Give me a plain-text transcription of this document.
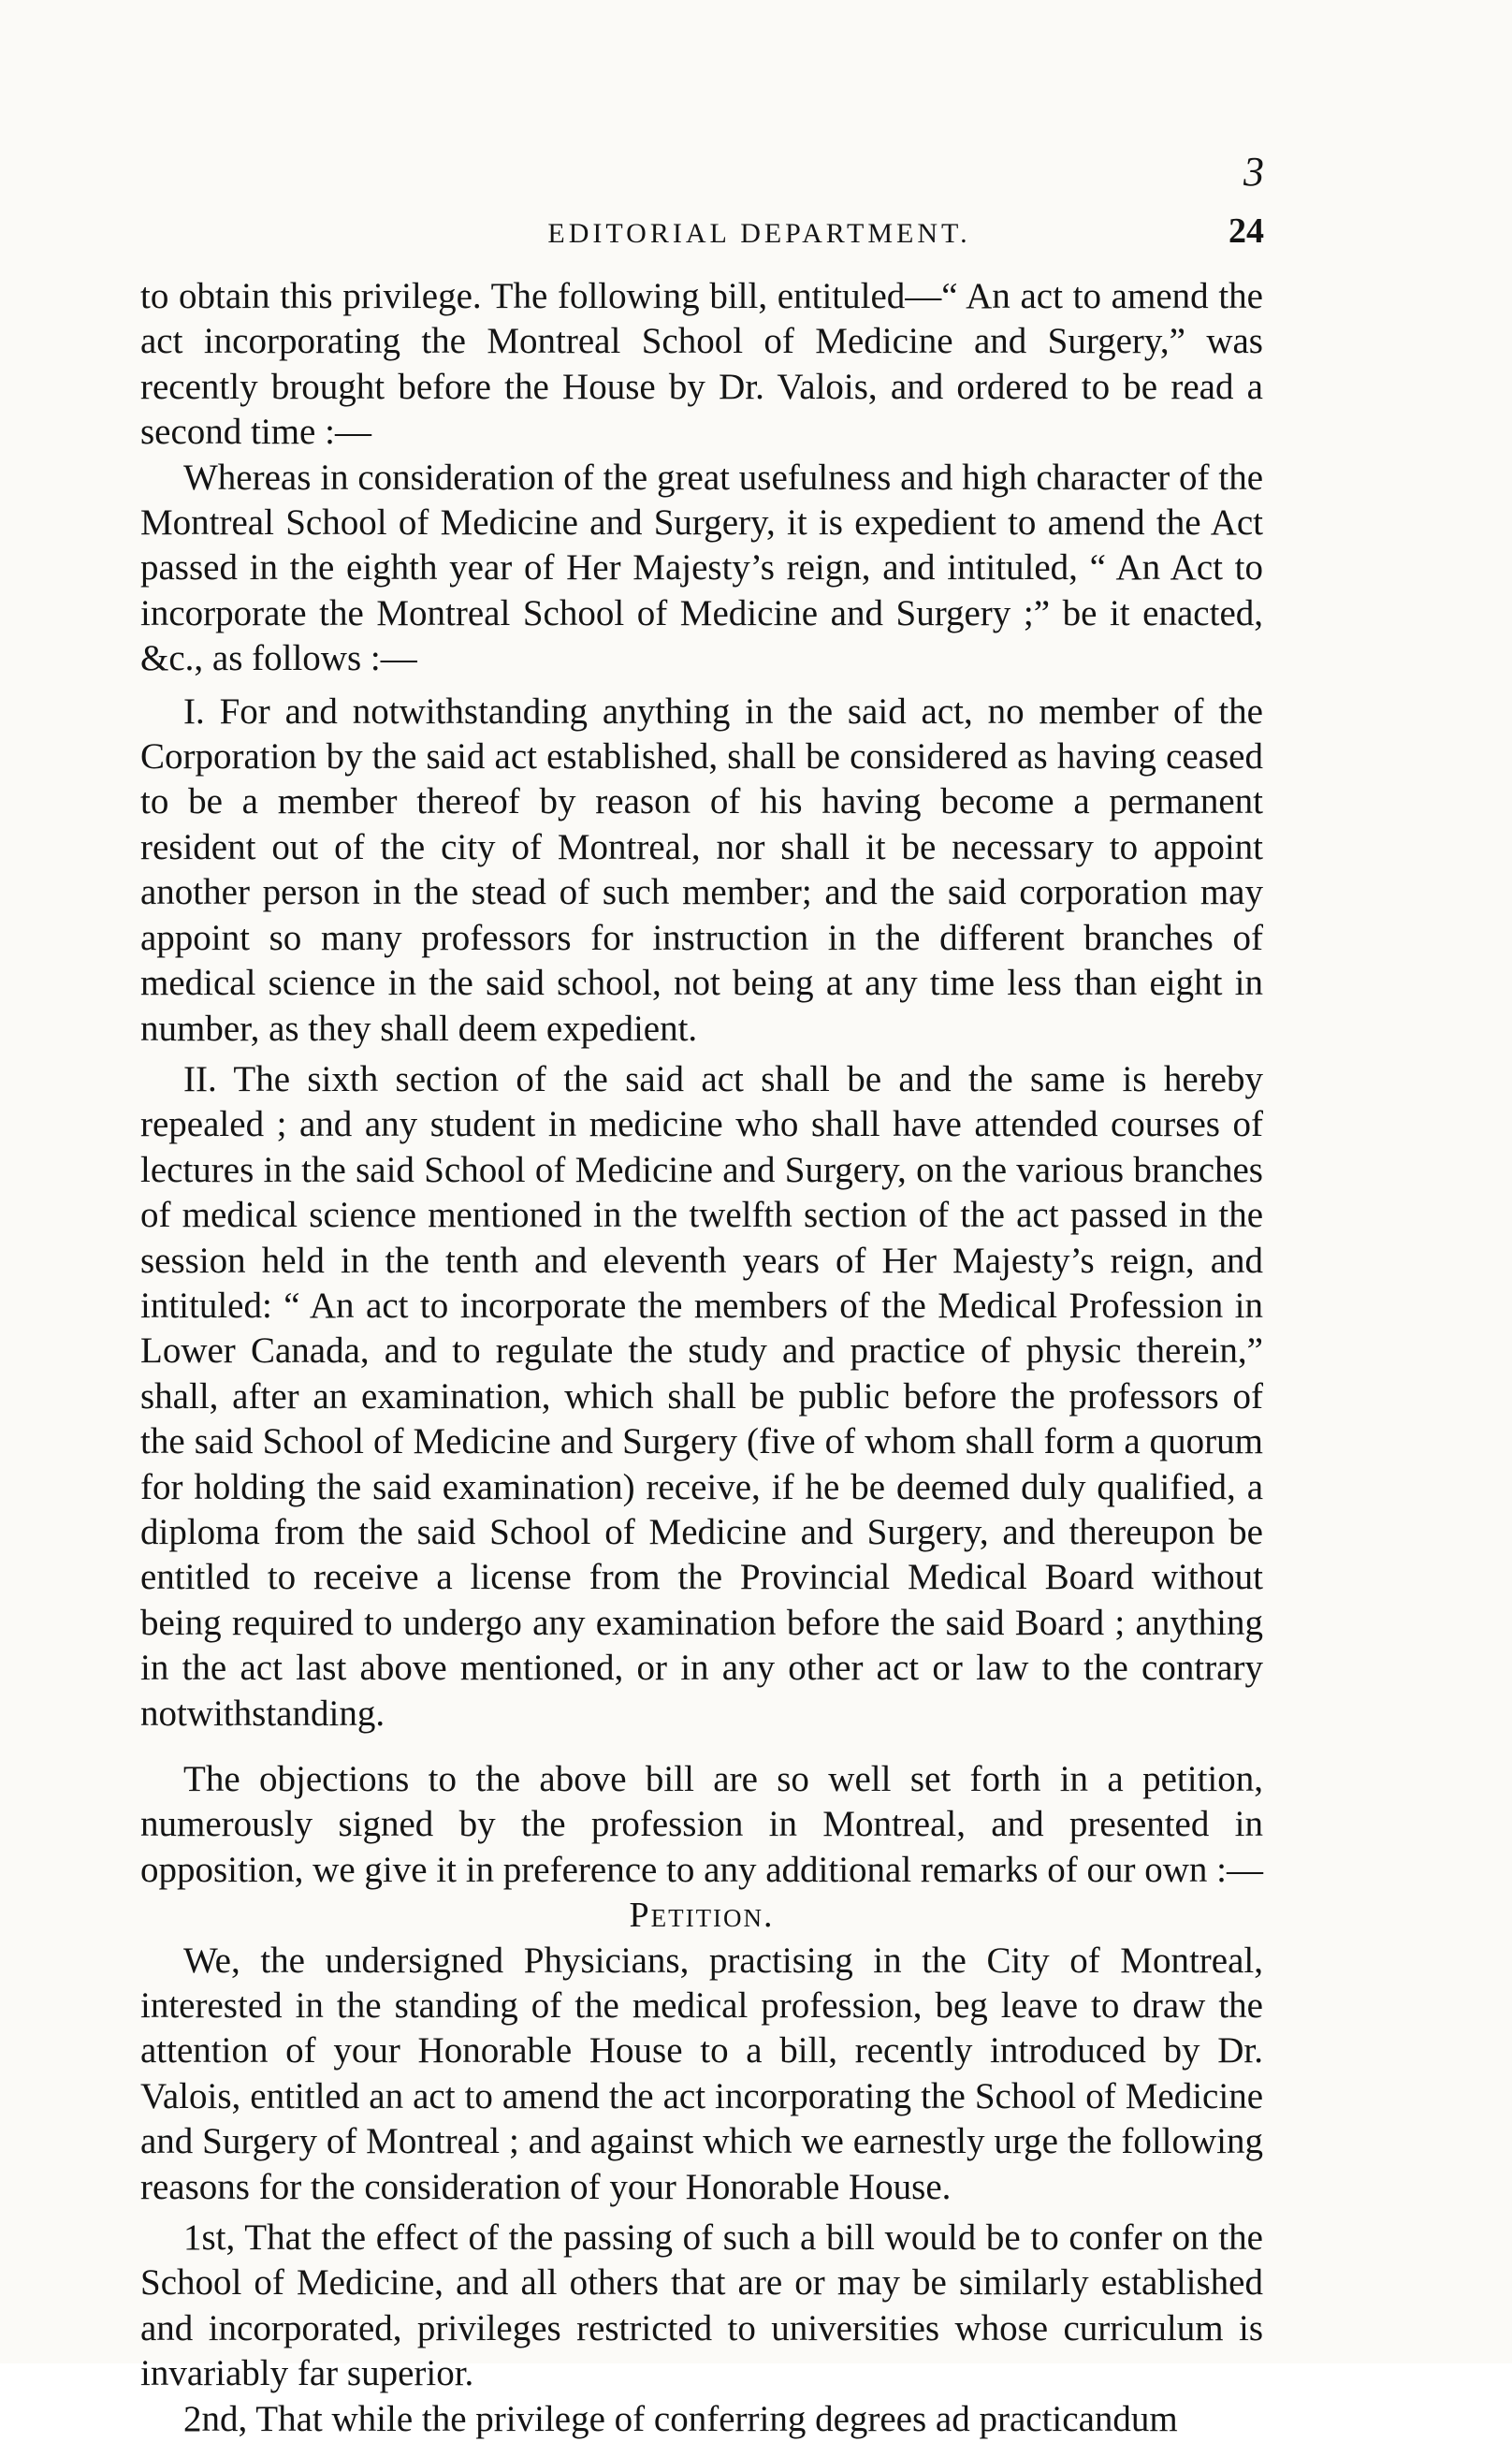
3
EDITORIAL DEPARTMENT.	24

to obtain this privilege. The following bill, entituled—“ An act to amend the act incorporating the Montreal School of Medicine and Surgery,” was recently brought before the House by Dr. Valois, and ordered to be read a second time :—

Whereas in consideration of the great usefulness and high character of the Montreal School of Medicine and Surgery, it is expedient to amend the Act passed in the eighth year of Her Majesty’s reign, and intituled, “ An Act to incorporate the Montreal School of Medicine and Surgery ;” be it enacted, &c., as follows :—

I. For and notwithstanding anything in the said act, no member of the Corporation by the said act established, shall be considered as having ceased to be a member thereof by reason of his having become a permanent resident out of the city of Montreal, nor shall it be necessary to appoint another person in the stead of such member; and the said corporation may appoint so many professors for instruction in the different branches of medical science in the said school, not being at any time less than eight in number, as they shall deem expedient.

II. The sixth section of the said act shall be and the same is hereby repealed ; and any student in medicine who shall have attended courses of lectures in the said School of Medicine and Surgery, on the various branches of medical science mentioned in the twelfth section of the act passed in the session held in the tenth and eleventh years of Her Majesty’s reign, and intituled: “ An act to incorporate the members of the Medical Profession in Lower Canada, and to regulate the study and practice of physic therein,” shall, after an examination, which shall be public before the professors of the said School of Medicine and Surgery (five of whom shall form a quorum for holding the said examination) receive, if he be deemed duly qualified, a diploma from the said School of Medicine and Surgery, and thereupon be entitled to receive a license from the Provincial Medical Board without being required to undergo any examination before the said Board ; anything in the act last above mentioned, or in any other act or law to the contrary notwithstanding.

The objections to the above bill are so well set forth in a petition, numerously signed by the profession in Montreal, and presented in opposition, we give it in preference to any additional remarks of our own :—

Petition.

We, the undersigned Physicians, practising in the City of Montreal, interested in the standing of the medical profession, beg leave to draw the attention of your Honorable House to a bill, recently introduced by Dr. Valois, entitled an act to amend the act incorporating the School of Medicine and Surgery of Montreal ; and against which we earnestly urge the following reasons for the consideration of your Honorable House.

1st, That the effect of the passing of such a bill would be to confer on the School of Medicine, and all others that are or may be similarly established and incorporated, privileges restricted to universities whose curriculum is invariably far superior.

2nd, That while the privilege of conferring degrees ad practicandum
